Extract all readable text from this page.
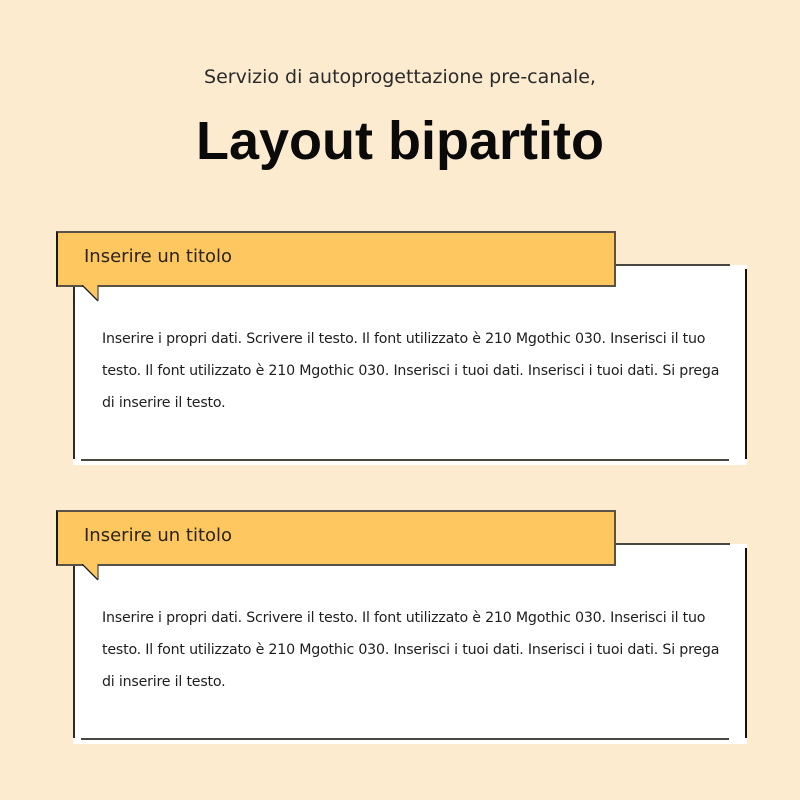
Servizio di autoprogettazione pre-canale,
Layout bipartito
Inserire un titolo
Inserire i propri dati. Scrivere il testo. Il font utilizzato è 210 Mgothic 030. Inserisci il tuo testo. Il font utilizzato è 210 Mgothic 030. Inserisci i tuoi dati. Inserisci i tuoi dati. Si prega di inserire il testo.
Inserire un titolo
Inserire i propri dati. Scrivere il testo. Il font utilizzato è 210 Mgothic 030. Inserisci il tuo testo. Il font utilizzato è 210 Mgothic 030. Inserisci i tuoi dati. Inserisci i tuoi dati. Si prega di inserire il testo.
